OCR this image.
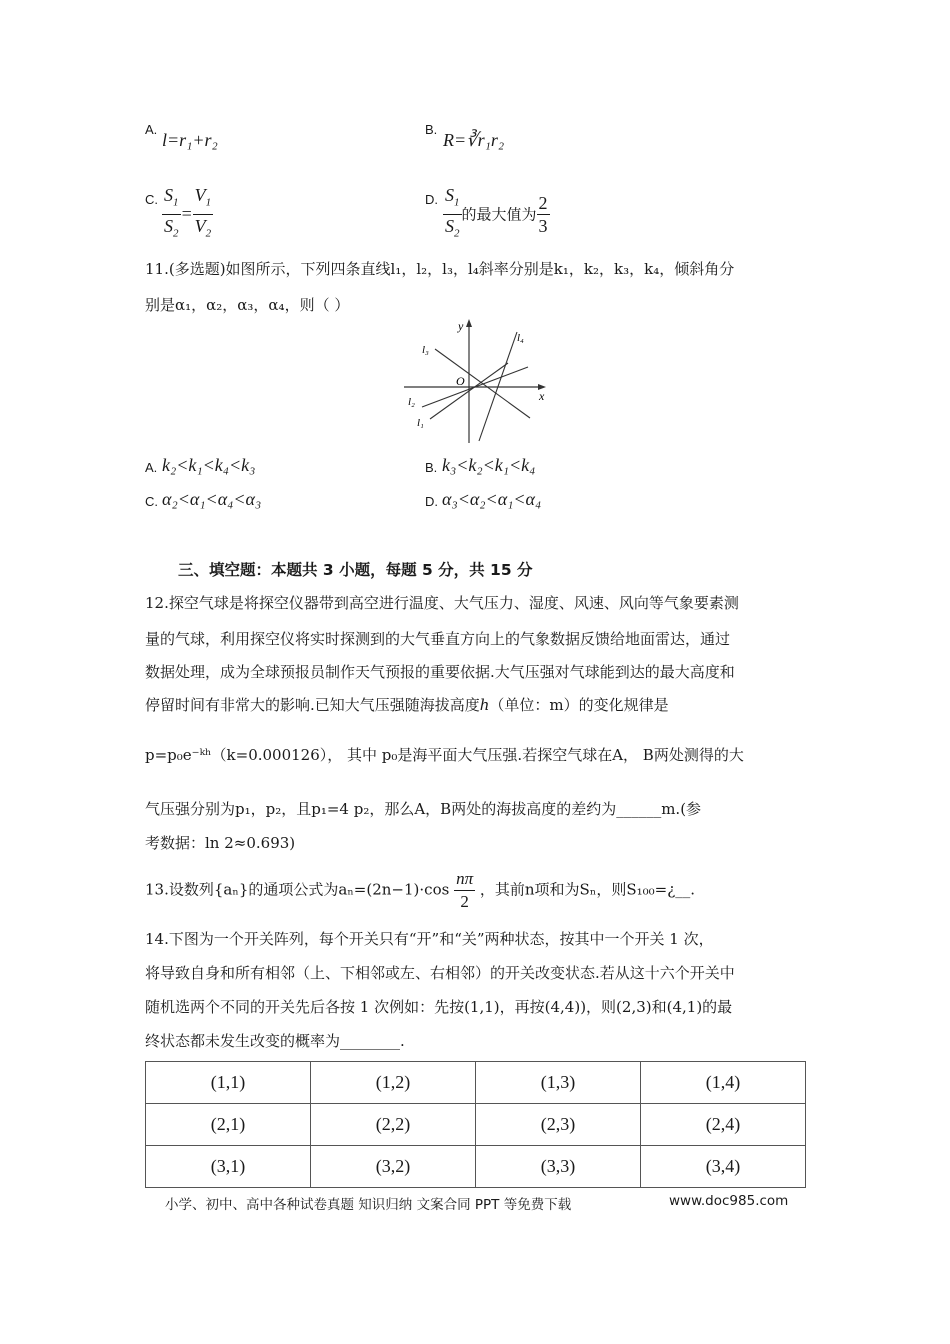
A.
l=r₁+r₂
B.
R=∛r₁r₂
C. $\frac{S_1}{S_2} = \frac{V_1}{V_2}$	D. $\frac{S_1}{S_2}$ 的最大值为 $\frac{2}{3}$
11.(多选题)如图所示，下列四条直线l₁，l₂，l₃，l₄斜率分别是k₁，k₂，k₃，k₄，倾斜角分
别是α₁，α₂，α₃，α₄，则（ ）
y
x
O
l₃
l₂
l₁
l₄
A. k₂<k₁<k₄<k₃	B. k₃<k₂<k₁<k₄
C. α₂<α₁<α₄<α₃	D. α₃<α₂<α₁<α₄
三、填空题：本题共 3 小题，每题 5 分，共 15 分
12.探空气球是将探空仪器带到高空进行温度、大气压力、湿度、风速、风向等气象要素测
量的气球，利用探空仪将实时探测到的大气垂直方向上的气象数据反馈给地面雷达，通过
数据处理，成为全球预报员制作天气预报的重要依据.大气压强对气球能到达的最大高度和
停留时间有非常大的影响.已知大气压强随海拔高度ℎ（单位：m）的变化规律是
p=p₀e⁻ᵏʰ（k=0.000126）， 其中 p₀是海平面大气压强.若探空气球在A， B两处测得的大
气压强分别为p₁，p₂，且p₁=4 p₂，那么A，B两处的海拔高度的差约为______m.(参
考数据：ln 2≈0.693)
13.设数列{aₙ}的通项公式为$a_n=(2n-1)\cdot\cos \frac{n\pi}{2}$ ，其前n项和为Sₙ，则S₁₀₀=¿__.
14.下图为一个开关阵列，每个开关只有“开”和“关”两种状态，按其中一个开关 1 次，
将导致自身和所有相邻（上、下相邻或左、右相邻）的开关改变状态.若从这十六个开关中
随机选两个不同的开关先后各按 1 次例如：先按(1,1)，再按(4,4))，则(2,3)和(4,1)的最
终状态都未发生改变的概率为________.
(1,1)	(1,2)	(1,3)	(1,4)
(2,1)	(2,2)	(2,3)	(2,4)
(3,1)	(3,2)	(3,3)	(3,4)
小学、初中、高中各种试卷真题 知识归纳 文案合同 PPT 等免费下载	www.doc985.com
